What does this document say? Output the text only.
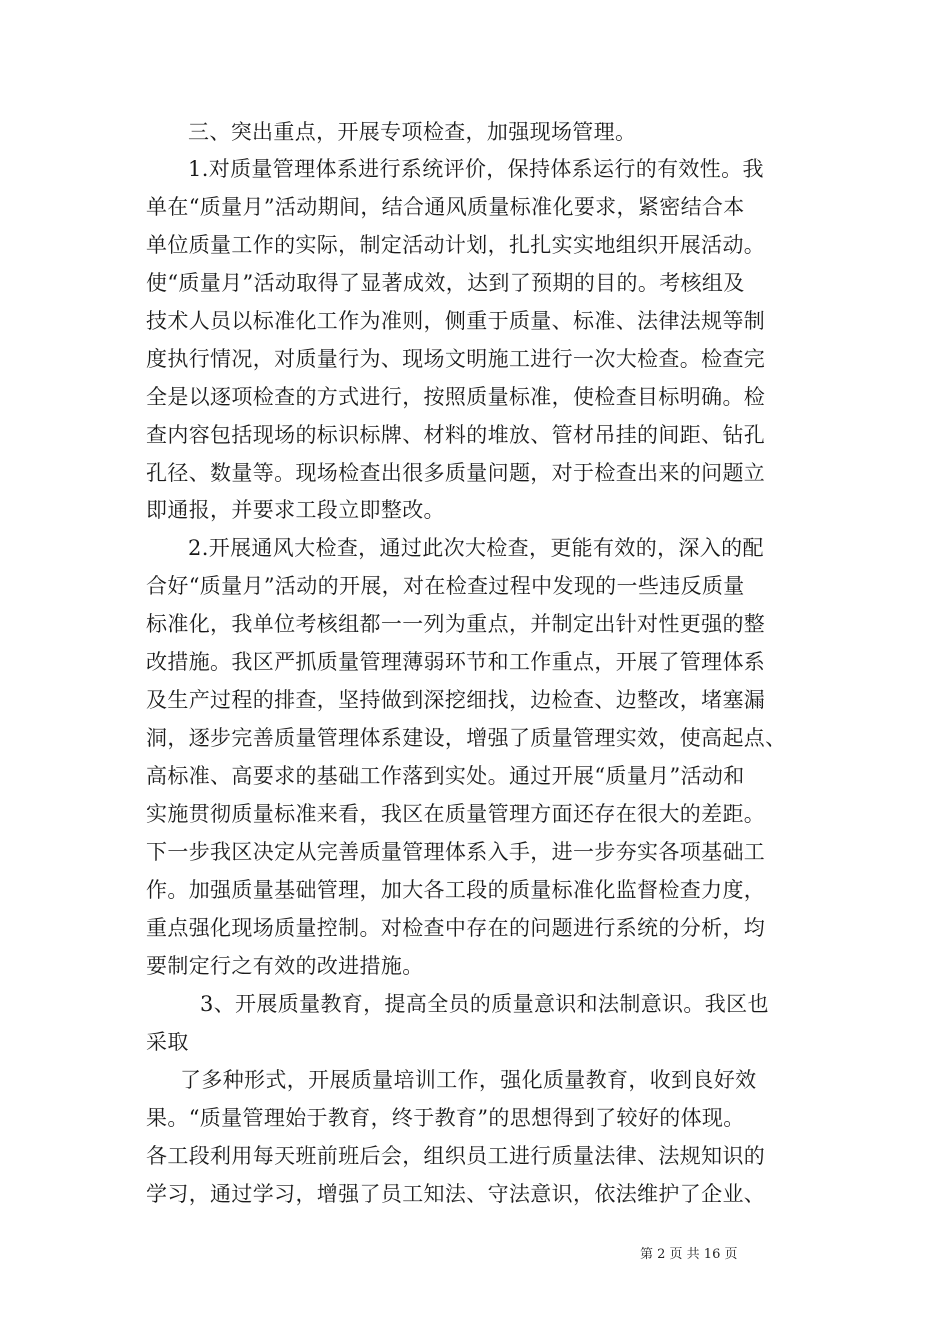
三、突出重点，开展专项检查，加强现场管理。
1.对质量管理体系进行系统评价，保持体系运行的有效性。我
单在“质量月”活动期间，结合通风质量标准化要求，紧密结合本
单位质量工作的实际，制定活动计划，扎扎实实地组织开展活动。
使“质量月”活动取得了显著成效，达到了预期的目的。考核组及
技术人员以标准化工作为准则，侧重于质量、标准、法律法规等制
度执行情况，对质量行为、现场文明施工进行一次大检查。检查完
全是以逐项检查的方式进行，按照质量标准，使检查目标明确。检
查内容包括现场的标识标牌、材料的堆放、管材吊挂的间距、钻孔
孔径、数量等。现场检查出很多质量问题，对于检查出来的问题立
即通报，并要求工段立即整改。
2.开展通风大检查，通过此次大检查，更能有效的，深入的配
合好“质量月”活动的开展，对在检查过程中发现的一些违反质量
标准化，我单位考核组都一一列为重点，并制定出针对性更强的整
改措施。我区严抓质量管理薄弱环节和工作重点，开展了管理体系
及生产过程的排查，坚持做到深挖细找，边检查、边整改，堵塞漏
洞，逐步完善质量管理体系建设，增强了质量管理实效，使高起点、
高标准、高要求的基础工作落到实处。通过开展“质量月”活动和
实施贯彻质量标准来看，我区在质量管理方面还存在很大的差距。
下一步我区决定从完善质量管理体系入手，进一步夯实各项基础工
作。加强质量基础管理，加大各工段的质量标准化监督检查力度，
重点强化现场质量控制。对检查中存在的问题进行系统的分析，均
要制定行之有效的改进措施。
3、开展质量教育，提高全员的质量意识和法制意识。我区也
采取
了多种形式，开展质量培训工作，强化质量教育，收到良好效
果。“质量管理始于教育，终于教育”的思想得到了较好的体现。
各工段利用每天班前班后会，组织员工进行质量法律、法规知识的
学习，通过学习，增强了员工知法、守法意识，依法维护了企业、
第 2 页 共 16 页
